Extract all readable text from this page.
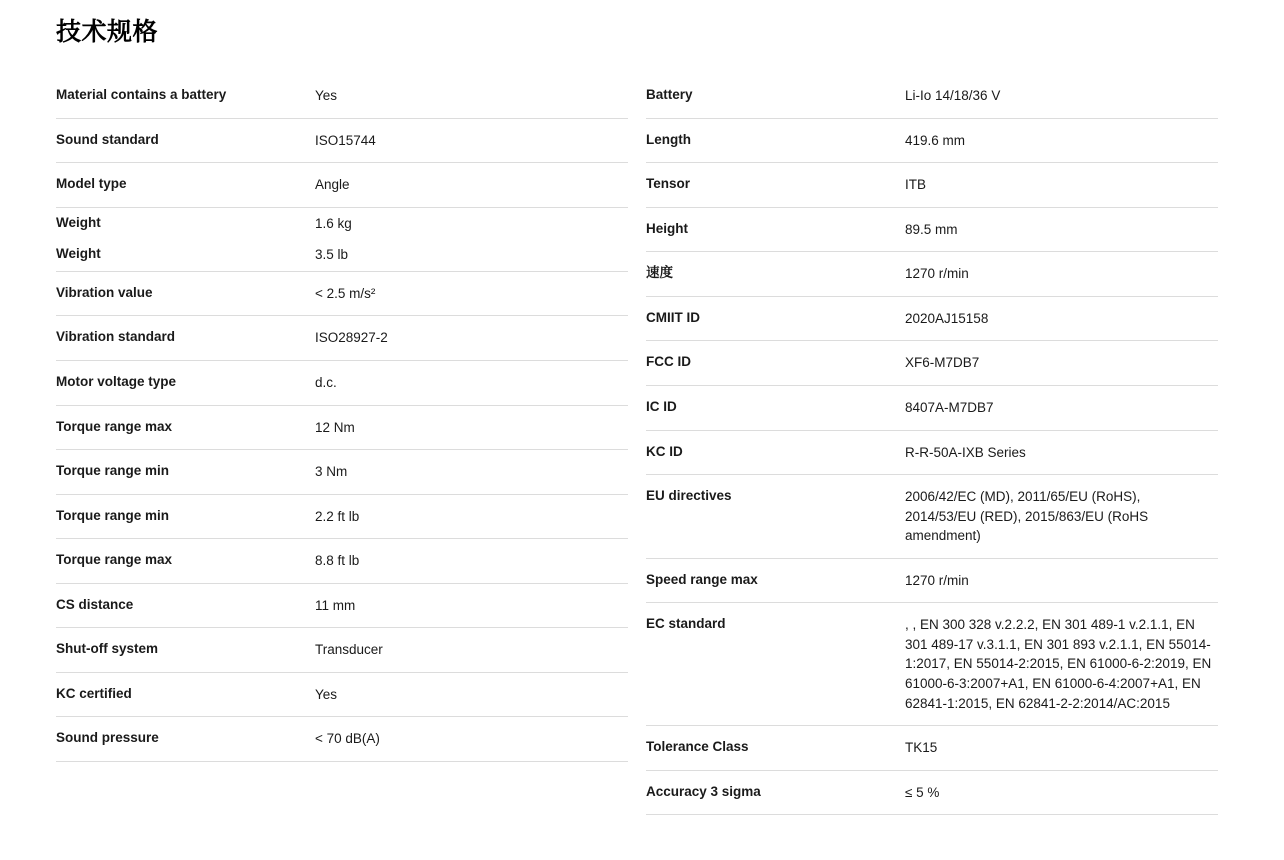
技术规格
Material contains a battery	Yes
Sound standard	ISO15744
Model type	Angle
Weight	1.6 kg
Weight	3.5 lb
Vibration value	< 2.5 m/s²
Vibration standard	ISO28927-2
Motor voltage type	d.c.
Torque range max	12 Nm
Torque range min	3 Nm
Torque range min	2.2 ft lb
Torque range max	8.8 ft lb
CS distance	11 mm
Shut-off system	Transducer
KC certified	Yes
Sound pressure	< 70 dB(A)
Battery	Li-Io 14/18/36 V
Length	419.6 mm
Tensor	ITB
Height	89.5 mm
速度	1270 r/min
CMIIT ID	2020AJ15158
FCC ID	XF6-M7DB7
IC ID	8407A-M7DB7
KC ID	R-R-50A-IXB Series
EU directives	2006/42/EC (MD), 2011/65/EU (RoHS), 2014/53/EU (RED), 2015/863/EU (RoHS amendment)
Speed range max	1270 r/min
EC standard	, , EN 300 328 v.2.2.2, EN 301 489-1 v.2.1.1, EN 301 489-17 v.3.1.1, EN 301 893 v.2.1.1, EN 55014-1:2017, EN 55014-2:2015, EN 61000-6-2:2019, EN 61000-6-3:2007+A1, EN 61000-6-4:2007+A1, EN 62841-1:2015, EN 62841-2-2:2014/AC:2015
Tolerance Class	TK15
Accuracy 3 sigma	≤ 5 %
